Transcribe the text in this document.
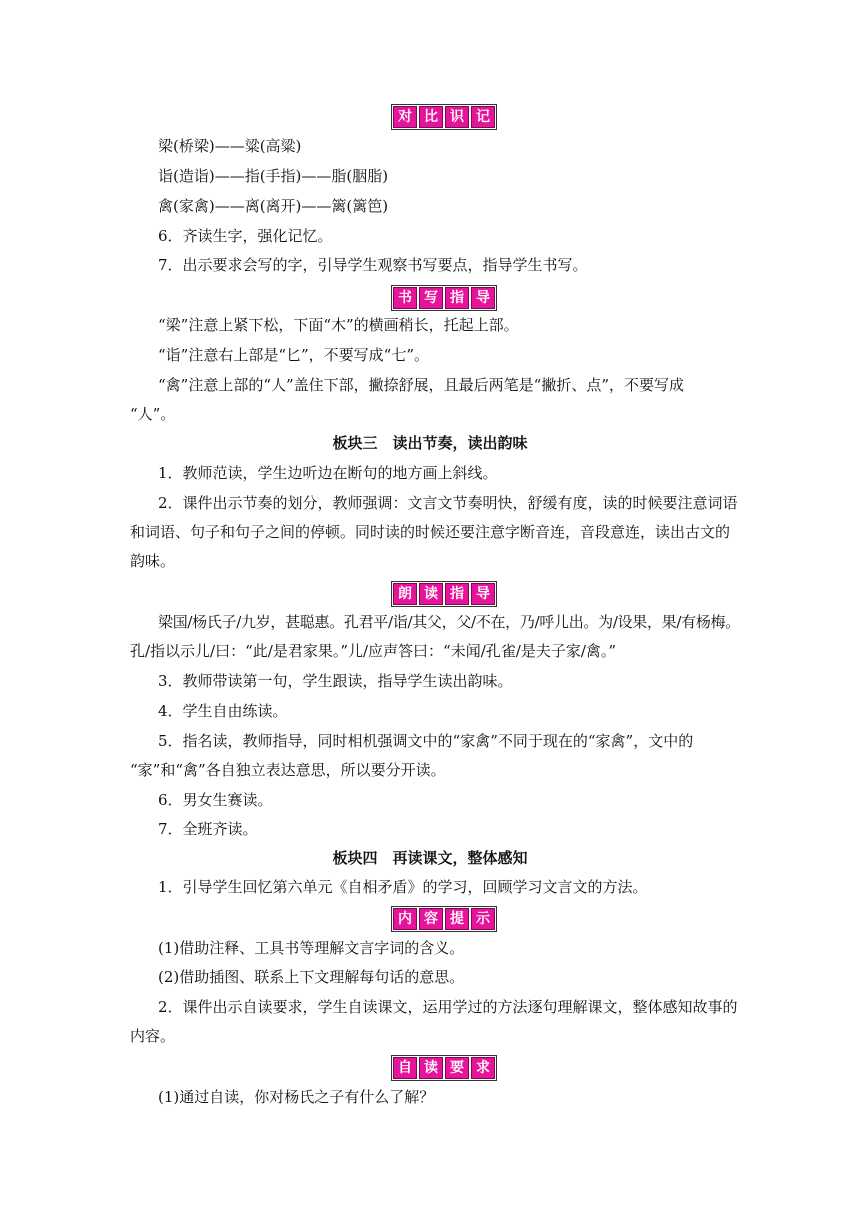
对 比 识 记
梁(桥梁)——粱(高粱)
诣(造诣)——指(手指)——脂(胭脂)
禽(家禽)——离(离开)——篱(篱笆)
6．齐读生字，强化记忆。
7．出示要求会写的字，引导学生观察书写要点，指导学生书写。
书 写 指 导
“梁”注意上紧下松，下面“木”的横画稍长，托起上部。
“诣”注意右上部是“匕”，不要写成“七”。
“禽”注意上部的“人”盖住下部，撇捺舒展，且最后两笔是“撇折、点”，不要写成
“人”。
板块三　读出节奏，读出韵味
1．教师范读，学生边听边在断句的地方画上斜线。
2．课件出示节奏的划分，教师强调：文言文节奏明快，舒缓有度，读的时候要注意词语
和词语、句子和句子之间的停顿。同时读的时候还要注意字断音连，音段意连，读出古文的
韵味。
朗 读 指 导
梁国/杨氏子/九岁，甚聪惠。孔君平/诣/其父，父/不在，乃/呼儿出。为/设果，果/有杨梅。
孔/指以示儿/曰：“此/是君家果。”儿/应声答曰：“未闻/孔雀/是夫子家/禽。”
3．教师带读第一句，学生跟读，指导学生读出韵味。
4．学生自由练读。
5．指名读，教师指导，同时相机强调文中的“家禽”不同于现在的“家禽”，文中的
“家”和“禽”各自独立表达意思，所以要分开读。
6．男女生赛读。
7．全班齐读。
板块四　再读课文，整体感知
1．引导学生回忆第六单元《自相矛盾》的学习，回顾学习文言文的方法。
内 容 提 示
(1)借助注释、工具书等理解文言字词的含义。
(2)借助插图、联系上下文理解每句话的意思。
2．课件出示自读要求，学生自读课文，运用学过的方法逐句理解课文，整体感知故事的
内容。
自 读 要 求
(1)通过自读，你对杨氏之子有什么了解？
